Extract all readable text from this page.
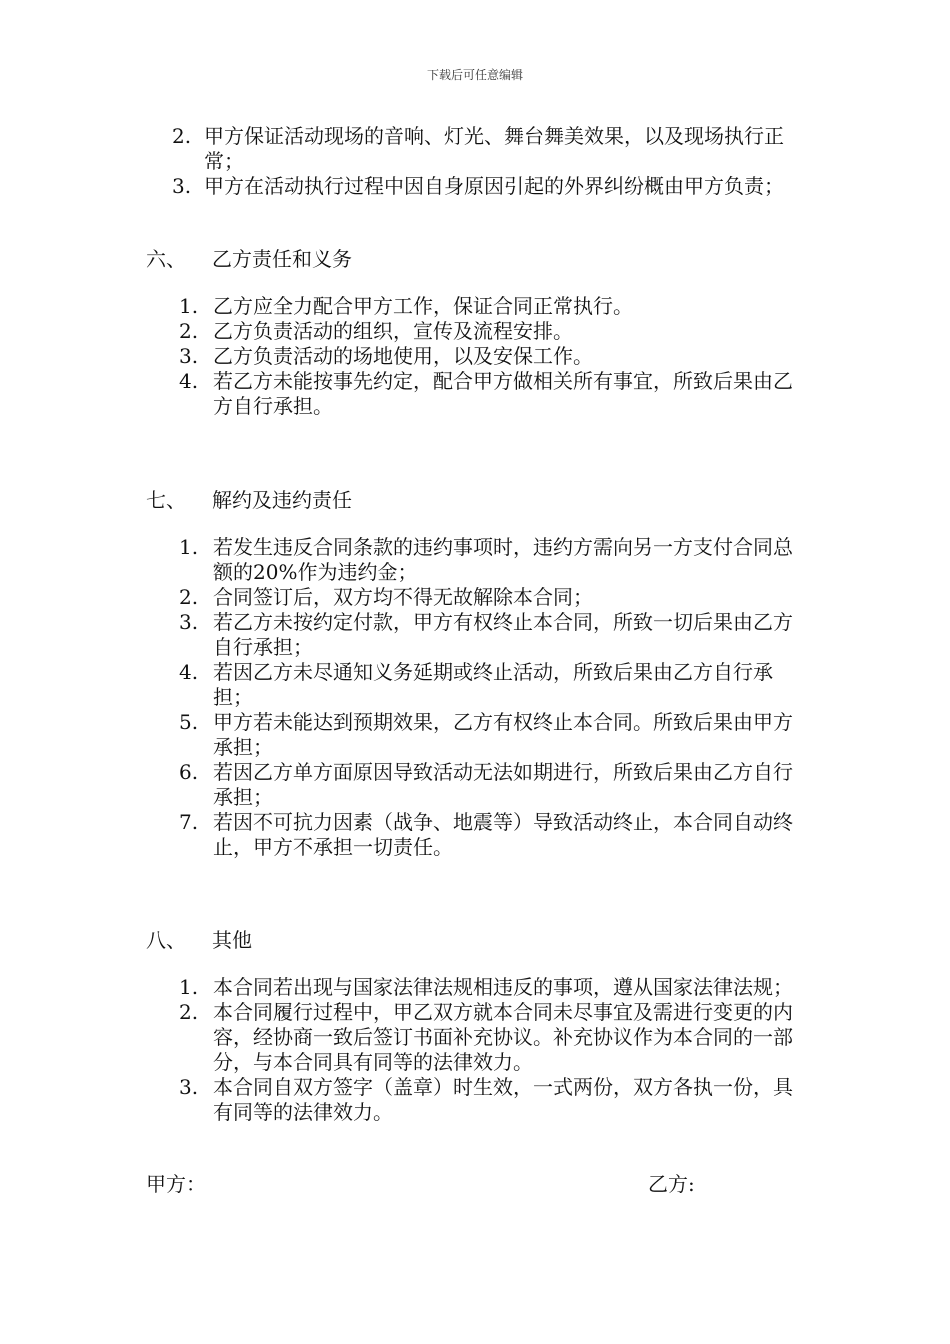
下载后可任意编辑
2. 甲方保证活动现场的音响、灯光、舞台舞美效果，以及现场执行正常；
3. 甲方在活动执行过程中因自身原因引起的外界纠纷概由甲方负责；
六、 乙方责任和义务
1. 乙方应全力配合甲方工作，保证合同正常执行。
2. 乙方负责活动的组织，宣传及流程安排。
3. 乙方负责活动的场地使用，以及安保工作。
4. 若乙方未能按事先约定，配合甲方做相关所有事宜，所致后果由乙方自行承担。
七、 解约及违约责任
1. 若发生违反合同条款的违约事项时，违约方需向另一方支付合同总额的20%作为违约金；
2. 合同签订后，双方均不得无故解除本合同；
3. 若乙方未按约定付款，甲方有权终止本合同，所致一切后果由乙方自行承担；
4. 若因乙方未尽通知义务延期或终止活动，所致后果由乙方自行承担；
5. 甲方若未能达到预期效果，乙方有权终止本合同。所致后果由甲方承担；
6. 若因乙方单方面原因导致活动无法如期进行，所致后果由乙方自行承担；
7. 若因不可抗力因素（战争、地震等）导致活动终止，本合同自动终止，甲方不承担一切责任。
八、 其他
1. 本合同若出现与国家法律法规相违反的事项，遵从国家法律法规；
2. 本合同履行过程中，甲乙双方就本合同未尽事宜及需进行变更的内容，经协商一致后签订书面补充协议。补充协议作为本合同的一部分，与本合同具有同等的法律效力。
3. 本合同自双方签字（盖章）时生效，一式两份，双方各执一份，具有同等的法律效力。
甲方：	乙方:
